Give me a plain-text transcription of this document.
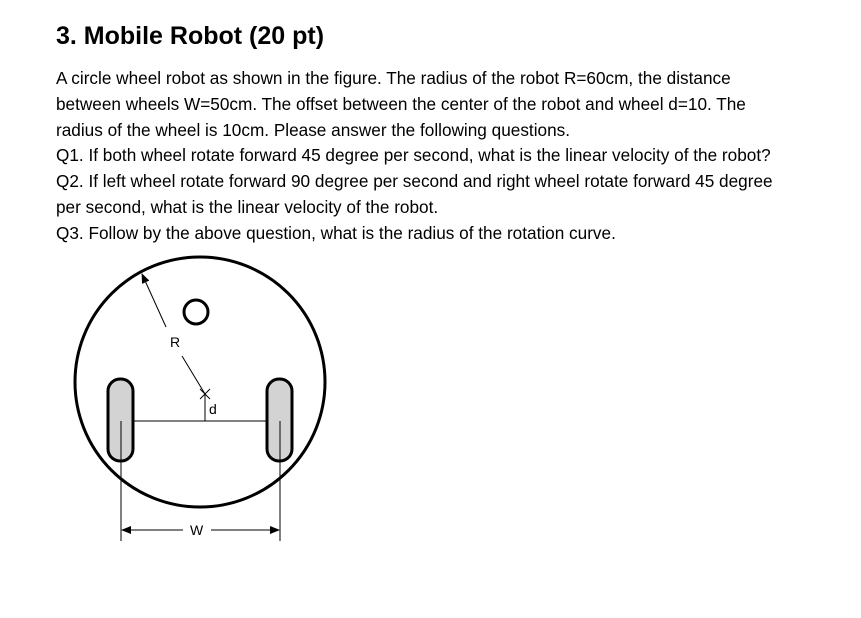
3. Mobile Robot (20 pt)
A circle wheel robot as shown in the figure. The radius of the robot R=60cm, the distance
between wheels W=50cm. The offset between the center of the robot and wheel d=10. The
radius of the wheel is 10cm. Please answer the following questions.
Q1. If both wheel rotate forward 45 degree per second, what is the linear velocity of the robot?
Q2. If left wheel rotate forward 90 degree per second and right wheel rotate forward 45 degree
per second, what is the linear velocity of the robot.
Q3. Follow by the above question, what is the radius of the rotation curve.
R
d
W
